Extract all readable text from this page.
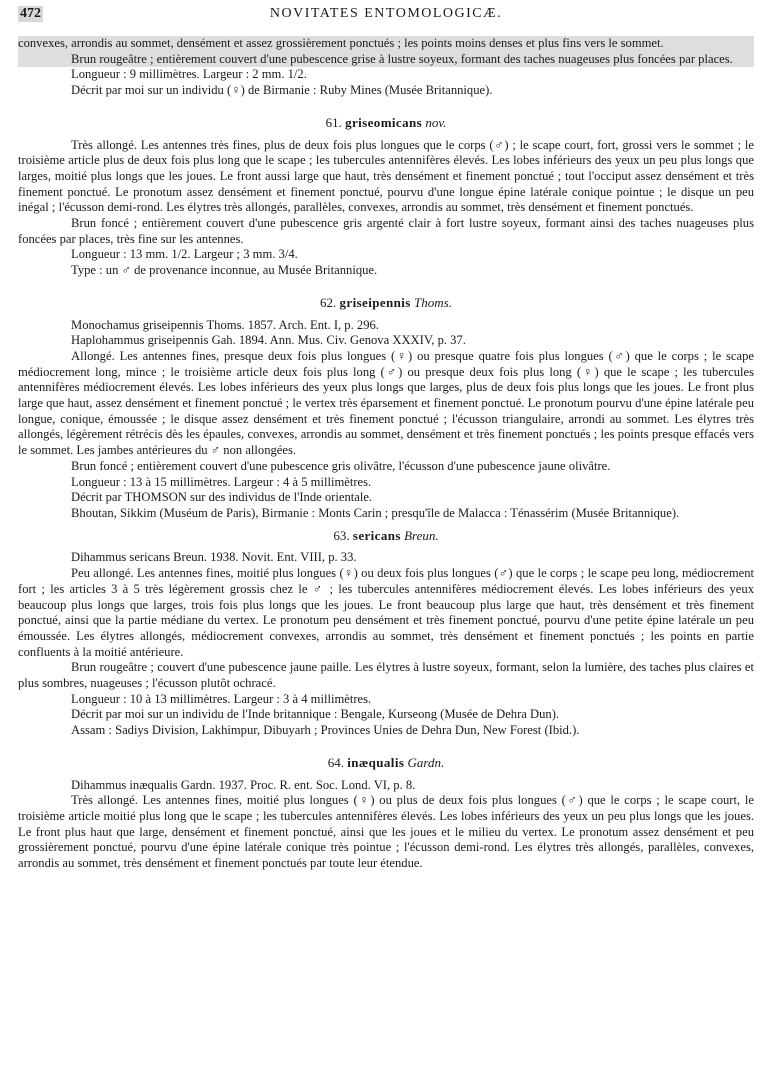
472	NOVITATES ENTOMOLOGICÆ.

convexes, arrondis au sommet, densément et assez grossièrement ponctués ; les points moins denses et plus fins vers le sommet.

Brun rougeâtre ; entièrement couvert d'une pubescence grise à lustre soyeux, formant des taches nuageuses plus foncées par places.

Longueur : 9 millimètres. Largeur : 2 mm. 1/2.

Décrit par moi sur un individu (♀) de Birmanie : Ruby Mines (Musée Britannique).

61. griseomicans nov.

Très allongé. Les antennes très fines, plus de deux fois plus longues que le corps (♂) ; le scape court, fort, grossi vers le sommet ; le troisième article plus de deux fois plus long que le scape ; les tubercules antennifères élevés. Les lobes inférieurs des yeux un peu plus longs que larges, moitié plus longs que les joues. Le front aussi large que haut, très densément et finement ponctué ; tout l'occiput assez densément et très finement ponctué. Le pronotum assez densément et finement ponctué, pourvu d'une longue épine latérale conique pointue ; le disque un peu inégal ; l'écusson demi-rond. Les élytres très allongés, parallèles, convexes, arrondis au sommet, très densément et finement ponctués.

Brun foncé ; entièrement couvert d'une pubescence gris argenté clair à fort lustre soyeux, formant ainsi des taches nuageuses plus foncées par places, très fine sur les antennes.

Longueur : 13 mm. 1/2. Largeur ; 3 mm. 3/4.

Type : un ♂ de provenance inconnue, au Musée Britannique.

62. griseipennis Thoms.

Monochamus griseipennis Thoms. 1857. Arch. Ent. I, p. 296.

Haplohammus griseipennis Gah. 1894. Ann. Mus. Civ. Genova XXXIV, p. 37.

Allongé. Les antennes fines, presque deux fois plus longues (♀) ou presque quatre fois plus longues (♂) que le corps ; le scape médiocrement long, mince ; le troisième article deux fois plus long (♂) ou presque deux fois plus long (♀) que le scape ; les tubercules antennifères médiocrement élevés. Les lobes inférieurs des yeux plus longs que larges, plus de deux fois plus longs que les joues. Le front plus large que haut, assez densément et finement ponctué ; le vertex très éparsement et finement ponctué. Le pronotum pourvu d'une épine latérale peu longue, conique, émoussée ; le disque assez densément et très finement ponctué ; l'écusson triangulaire, arrondi au sommet. Les élytres très allongés, légèrement rétrécis dès les épaules, convexes, arrondis au sommet, densément et très finement ponctués ; les points presque effacés vers le sommet. Les jambes antérieures du ♂ non allongées.

Brun foncé ; entièrement couvert d'une pubescence gris olivâtre, l'écusson d'une pubescence jaune olivâtre.

Longueur : 13 à 15 millimètres. Largeur : 4 à 5 millimètres.

Décrit par THOMSON sur des individus de l'Inde orientale.

Bhoutan, Sikkim (Muséum de Paris), Birmanie : Monts Carin ; presqu'île de Malacca : Ténassérim (Musée Britannique).

63. sericans Breun.

Dihammus sericans Breun. 1938. Novit. Ent. VIII, p. 33.

Peu allongé. Les antennes fines, moitié plus longues (♀) ou deux fois plus longues (♂) que le corps ; le scape peu long, médiocrement fort ; les articles 3 à 5 très légèrement grossis chez le ♂ ; les tubercules antennifères médiocrement élevés. Les lobes inférieurs des yeux beaucoup plus longs que larges, trois fois plus longs que les joues. Le front beaucoup plus large que haut, très densément et très finement ponctué, ainsi que la partie médiane du vertex. Le pronotum peu densément et très finement ponctué, pourvu d'une petite épine latérale un peu émoussée. Les élytres allongés, médiocrement convexes, arrondis au sommet, très densément et finement ponctués ; les points en partie confluents à la moitié antérieure.

Brun rougeâtre ; couvert d'une pubescence jaune paille. Les élytres à lustre soyeux, formant, selon la lumière, des taches plus claires et plus sombres, nuageuses ; l'écusson plutôt ochracé.

Longueur : 10 à 13 millimètres. Largeur : 3 à 4 millimètres.

Décrit par moi sur un individu de l'Inde britannique : Bengale, Kurseong (Musée de Dehra Dun).

Assam : Sadiys Division, Lakhimpur, Dibuyarh ; Provinces Unies de Dehra Dun, New Forest (Ibid.).

64. inæqualis Gardn.

Dihammus inæqualis Gardn. 1937. Proc. R. ent. Soc. Lond. VI, p. 8.

Très allongé. Les antennes fines, moitié plus longues (♀) ou plus de deux fois plus longues (♂) que le corps ; le scape court, le troisième article moitié plus long que le scape ; les tubercules antennifères élevés. Les lobes inférieurs des yeux un peu plus longs que les joues. Le front plus haut que large, densément et finement ponctué, ainsi que les joues et le milieu du vertex. Le pronotum assez densément et peu grossièrement ponctué, pourvu d'une épine latérale conique très pointue ; l'écusson demi-rond. Les élytres très allongés, parallèles, convexes, arrondis au sommet, très densément et finement ponctués par toute leur étendue.
